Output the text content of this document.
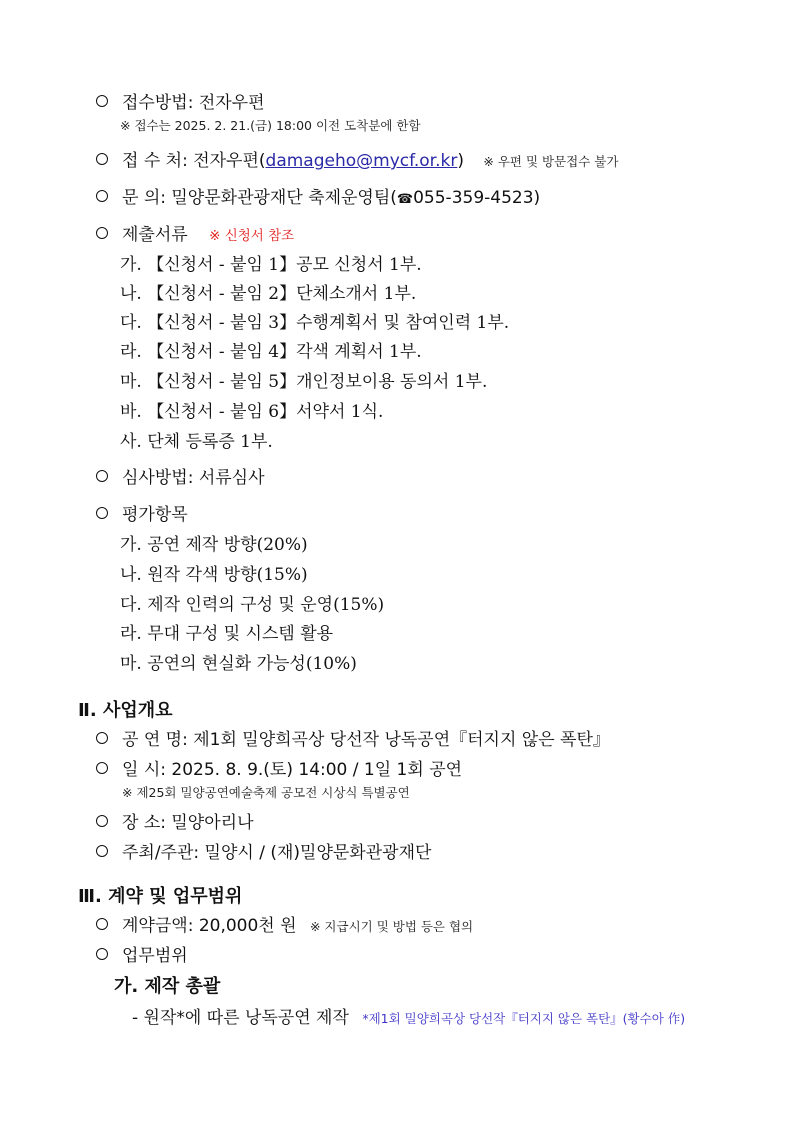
접수방법: 전자우편
※ 접수는 2025. 2. 21.(금) 18:00 이전 도착분에 한함
접 수 처: 전자우편(damageho@mycf.or.kr) ※ 우편 및 방문접수 불가
문 의: 밀양문화관광재단 축제운영팀(☎055-359-4523)
제출서류 ※ 신청서 참조
가. 【신청서 - 붙임 1】공모 신청서 1부.
나. 【신청서 - 붙임 2】단체소개서 1부.
다. 【신청서 - 붙임 3】수행계획서 및 참여인력 1부.
라. 【신청서 - 붙임 4】각색 계획서 1부.
마. 【신청서 - 붙임 5】개인정보이용 동의서 1부.
바. 【신청서 - 붙임 6】서약서 1식.
사. 단체 등록증 1부.
심사방법: 서류심사
평가항목
가. 공연 제작 방향(20%)
나. 원작 각색 방향(15%)
다. 제작 인력의 구성 및 운영(15%)
라. 무대 구성 및 시스템 활용
마. 공연의 현실화 가능성(10%)
Ⅱ. 사업개요
공 연 명: 제1회 밀양희곡상 당선작 낭독공연『터지지 않은 폭탄』
일 시: 2025. 8. 9.(토) 14:00 / 1일 1회 공연
※ 제25회 밀양공연예술축제 공모전 시상식 특별공연
장 소: 밀양아리나
주최/주관: 밀양시 / (재)밀양문화관광재단
Ⅲ. 계약 및 업무범위
계약금액: 20,000천 원 ※ 지급시기 및 방법 등은 협의
업무범위
가. 제작 총괄
- 원작*에 따른 낭독공연 제작 *제1회 밀양희곡상 당선작『터지지 않은 폭탄』(황수아 作)
